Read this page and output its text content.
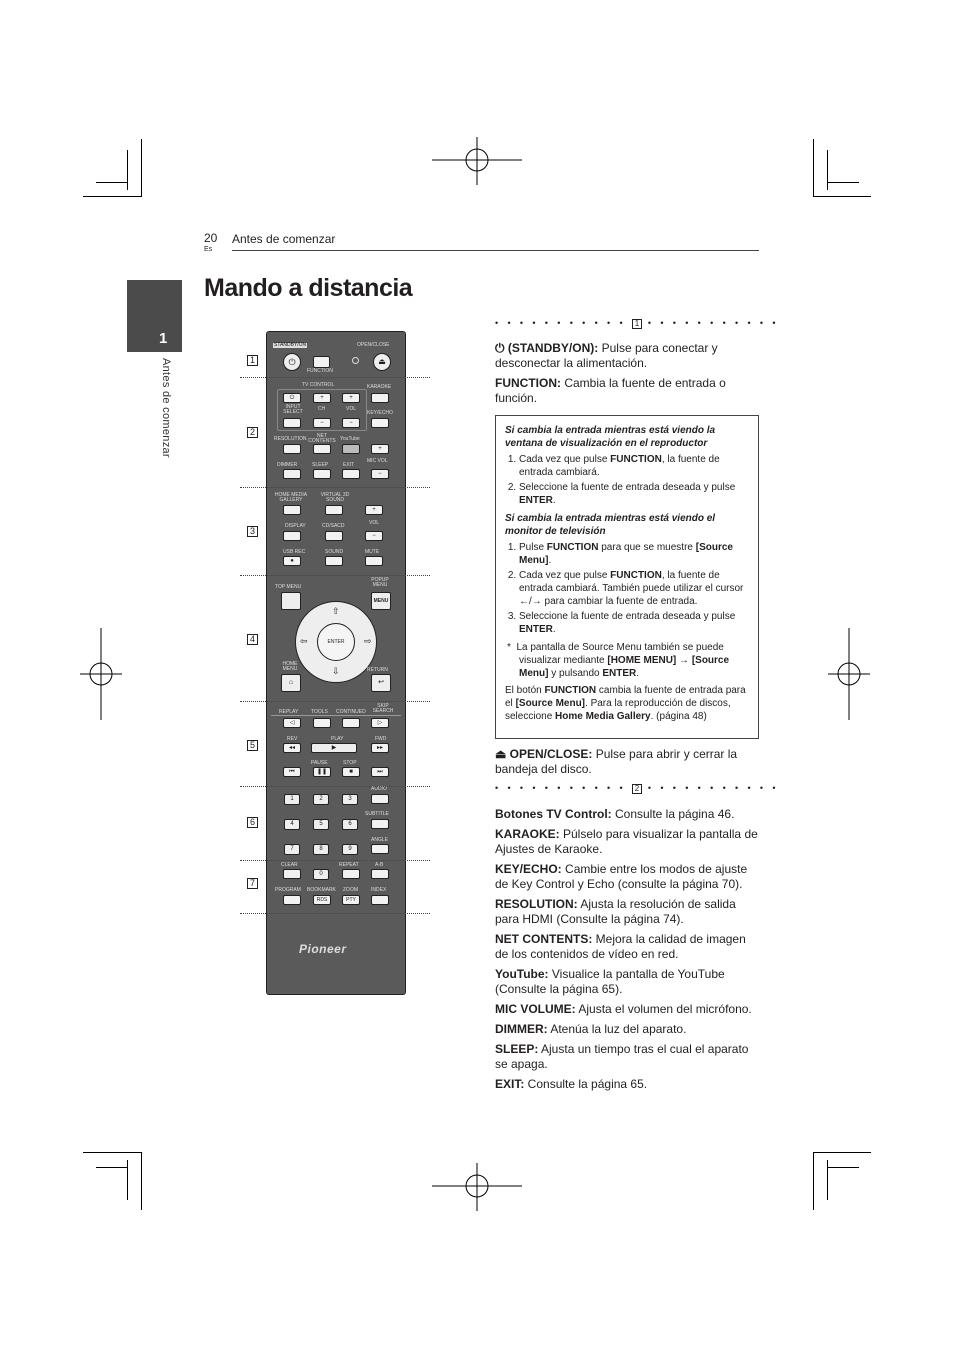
20
Es
Antes de comenzar
1
Antes de comenzar
Mando a distancia
1
2
3
4
5
6
7
STANDBY/ON	OPEN/CLOSE
⏻	⏏
FUNCTION
TV CONTROL	KARAOKE
⏻	+	+
INPUT SELECT	CH	VOL
KEY/ECHO
−	−
RESOLUTION	NET CONTENTS YouTube
+
DIMMER	SLEEP	EXIT
MIC VOL
−
HOME MEDIA GALLERY
VIRTUAL 3D SOUND
+
DISPLAY	CD/SACD	VOL
−
USB REC	SOUND	MUTE
●
TOP MENU
POPUP MENU
MENU
ENTER
⇧
⇩
⇦	⇨
HOME MENU	RETURN
⌂	↩
REPLAY	TOOLS CONTINUED
SKIP SEARCH
◁	▷
REV	PLAY	FWD
◂◂	▶	▸▸
PAUSE	STOP
⏮	❚❚	■	⏭
AUDIO
1	2	3
SUBTITLE
4	5	6
ANGLE
7	8	9
CLEAR	REPEAT	A-B
0
PROGRAM BOOKMARK ZOOM	INDEX
RDS	PTY
Pioneer
• • • • • • • • • • • 1 • • • • • • • • • • •
⏻ (STANDBY/ON): Pulse para conectar y desconectar la alimentación.
FUNCTION: Cambia la fuente de entrada o función.
Si cambia la entrada mientras está viendo la ventana de visualización en el reproductor
1. Cada vez que pulse FUNCTION, la fuente de entrada cambiará.
2. Seleccione la fuente de entrada deseada y pulse ENTER.
Si cambia la entrada mientras está viendo el monitor de televisión
1. Pulse FUNCTION para que se muestre [Source Menu].
2. Cada vez que pulse FUNCTION, la fuente de entrada cambiará. También puede utilizar el cursor ←/→ para cambiar la fuente de entrada.
3. Seleccione la fuente de entrada deseada y pulse ENTER.
* La pantalla de Source Menu también se puede visualizar mediante [HOME MENU] → [Source Menu] y pulsando ENTER.
El botón FUNCTION cambia la fuente de entrada para el [Source Menu]. Para la reproducción de discos, seleccione Home Media Gallery. (página 48)
⏏ OPEN/CLOSE: Pulse para abrir y cerrar la bandeja del disco.
• • • • • • • • • • • 2 • • • • • • • • • • •
Botones TV Control: Consulte la página 46.
KARAOKE: Púlselo para visualizar la pantalla de Ajustes de Karaoke.
KEY/ECHO: Cambie entre los modos de ajuste de Key Control y Echo (consulte la página 70).
RESOLUTION: Ajusta la resolución de salida para HDMI (Consulte la página 74).
NET CONTENTS: Mejora la calidad de imagen de los contenidos de vídeo en red.
YouTube: Visualice la pantalla de YouTube (Consulte la página 65).
MIC VOLUME: Ajusta el volumen del micrófono.
DIMMER: Atenúa la luz del aparato.
SLEEP: Ajusta un tiempo tras el cual el aparato se apaga.
EXIT: Consulte la página 65.
